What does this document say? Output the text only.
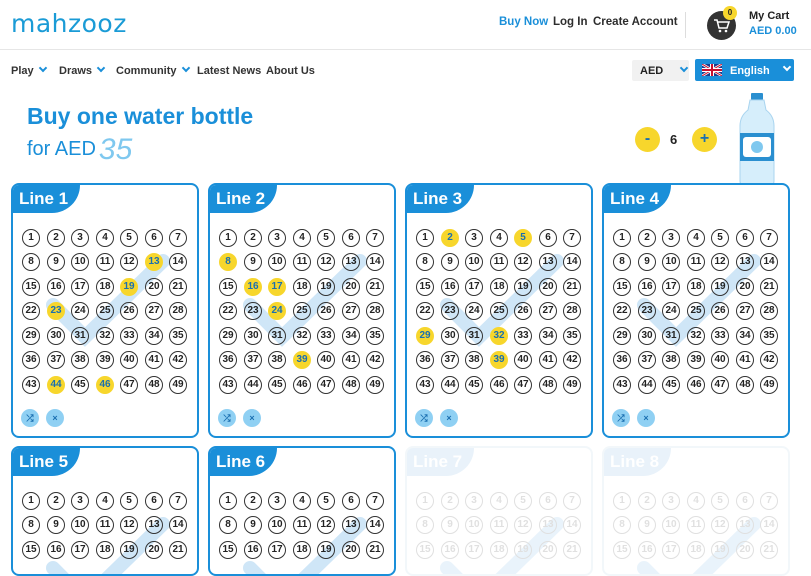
mahzooz	Buy Now Log In Create Account
0	My Cart
AED 0.00
Play	Draws	Community	Latest News About Us	AED	English
Buy one water bottle
for AED 35	-	6	+
Line 1
1	2	3	4	5	6	7
8	9	10	11	12	13	14
15	16	17	18	19	20	21
22	23	24	25	26	27	28
29	30	31	32	33	34	35
36	37	38	39	40	41	42
43	44	45	46	47	48	49
⤮	×
Line 2
1	2	3	4	5	6	7
8	9	10	11	12	13	14
15	16	17	18	19	20	21
22	23	24	25	26	27	28
29	30	31	32	33	34	35
36	37	38	39	40	41	42
43	44	45	46	47	48	49
⤮	×
Line 3
1	2	3	4	5	6	7
8	9	10	11	12	13	14
15	16	17	18	19	20	21
22	23	24	25	26	27	28
29	30	31	32	33	34	35
36	37	38	39	40	41	42
43	44	45	46	47	48	49
⤮	×
Line 4
1	2	3	4	5	6	7
8	9	10	11	12	13	14
15	16	17	18	19	20	21
22	23	24	25	26	27	28
29	30	31	32	33	34	35
36	37	38	39	40	41	42
43	44	45	46	47	48	49
⤮	×
Line 5
1	2	3	4	5	6	7
8	9	10	11	12	13	14
15	16	17	18	19	20	21
Line 6
1	2	3	4	5	6	7
8	9	10	11	12	13	14
15	16	17	18	19	20	21
Line 7
1	2	3	4	5	6	7
8	9	10	11	12	13	14
15	16	17	18	19	20	21
Line 8
1	2	3	4	5	6	7
8	9	10	11	12	13	14
15	16	17	18	19	20	21
